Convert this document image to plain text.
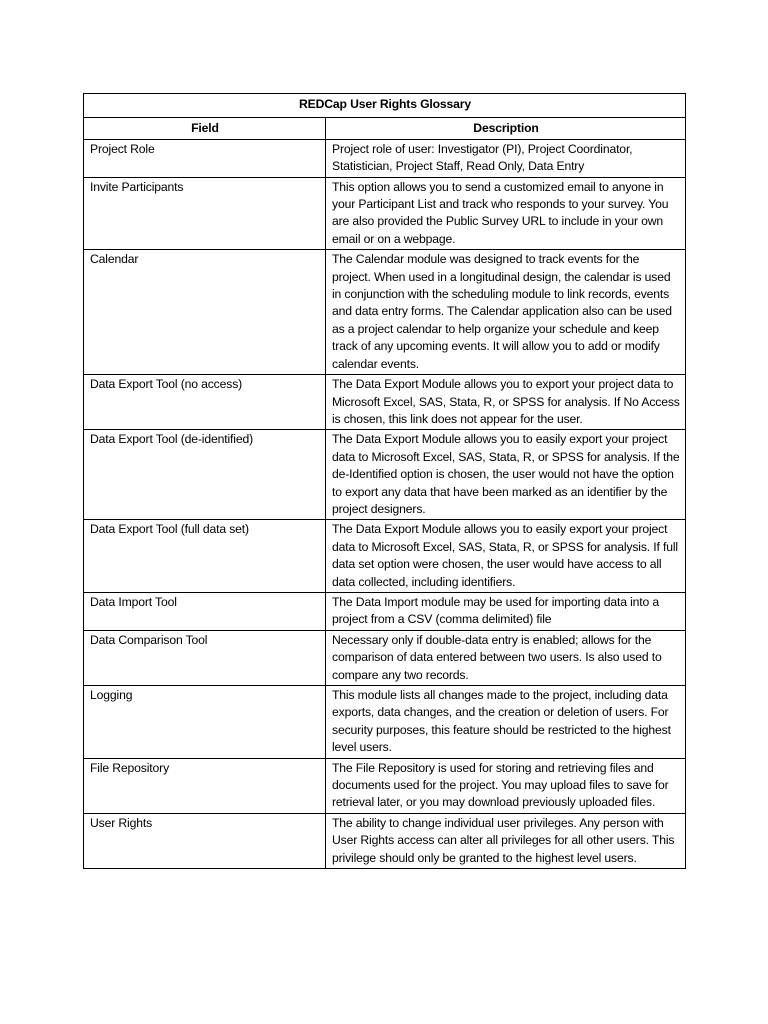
REDCap User Rights Glossary	
Field	Description
Project Role	Project role of user: Investigator (PI), Project Coordinator, Statistician, Project Staff, Read Only, Data Entry
Invite Participants	This option allows you to send a customized email to anyone in your Participant List and track who responds to your survey. You are also provided the Public Survey URL to include in your own email or on a webpage.
Calendar	The Calendar module was designed to track events for the project. When used in a longitudinal design, the calendar is used in conjunction with the scheduling module to link records, events and data entry forms. The Calendar application also can be used as a project calendar to help organize your schedule and keep track of any upcoming events. It will allow you to add or modify calendar events.
Data Export Tool (no access)	The Data Export Module allows you to export your project data to Microsoft Excel, SAS, Stata, R, or SPSS for analysis. If No Access is chosen, this link does not appear for the user.
Data Export Tool (de-identified)	The Data Export Module allows you to easily export your project data to Microsoft Excel, SAS, Stata, R, or SPSS for analysis. If the de-Identified option is chosen, the user would not have the option to export any data that have been marked as an identifier by the project designers.
Data Export Tool (full data set)	The Data Export Module allows you to easily export your project data to Microsoft Excel, SAS, Stata, R, or SPSS for analysis. If full data set option were chosen, the user would have access to all data collected, including identifiers.
Data Import Tool	The Data Import module may be used for importing data into a project from a CSV (comma delimited) file
Data Comparison Tool	Necessary only if double-data entry is enabled; allows for the comparison of data entered between two users. Is also used to compare any two records.
Logging	This module lists all changes made to the project, including data exports, data changes, and the creation or deletion of users. For security purposes, this feature should be restricted to the highest level users.
File Repository	The File Repository is used for storing and retrieving files and documents used for the project. You may upload files to save for retrieval later, or you may download previously uploaded files.
User Rights	The ability to change individual user privileges. Any person with User Rights access can alter all privileges for all other users. This privilege should only be granted to the highest level users.
